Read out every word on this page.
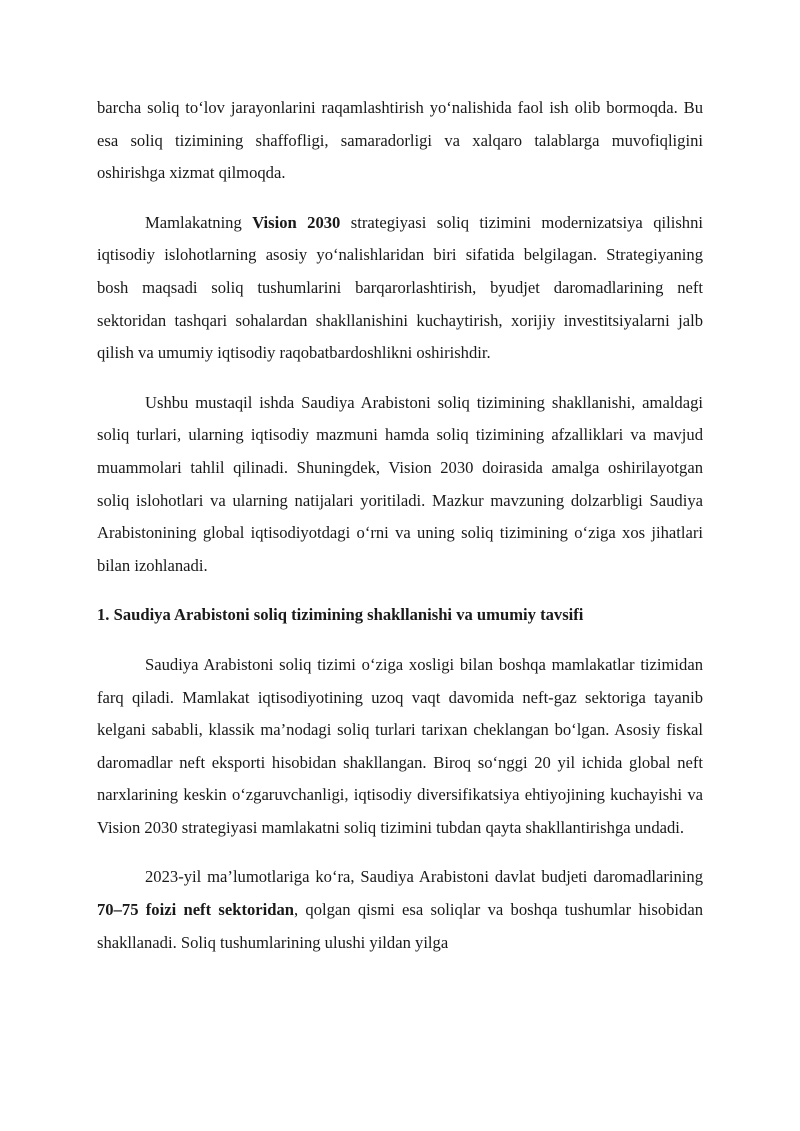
barcha soliq to‘lov jarayonlarini raqamlashtirish yo‘nalishida faol ish olib bormoqda. Bu esa soliq tizimining shaffofligi, samaradorligi va xalqaro talablarga muvofiqligini oshirishga xizmat qilmoqda.

Mamlakatning Vision 2030 strategiyasi soliq tizimini modernizatsiya qilishni iqtisodiy islohotlarning asosiy yo‘nalishlaridan biri sifatida belgilagan. Strategiyaning bosh maqsadi soliq tushumlarini barqarorlashtirish, byudjet daromadlarining neft sektoridan tashqari sohalardan shakllanishini kuchaytirish, xorijiy investitsiyalarni jalb qilish va umumiy iqtisodiy raqobatbardoshlikni oshirishdir.

Ushbu mustaqil ishda Saudiya Arabistoni soliq tizimining shakllanishi, amaldagi soliq turlari, ularning iqtisodiy mazmuni hamda soliq tizimining afzalliklari va mavjud muammolari tahlil qilinadi. Shuningdek, Vision 2030 doirasida amalga oshirilayotgan soliq islohotlari va ularning natijalari yoritiladi. Mazkur mavzuning dolzarbligi Saudiya Arabistonining global iqtisodiyotdagi o‘rni va uning soliq tizimining o‘ziga xos jihatlari bilan izohlanadi.

1. Saudiya Arabistoni soliq tizimining shakllanishi va umumiy tavsifi

Saudiya Arabistoni soliq tizimi o‘ziga xosligi bilan boshqa mamlakatlar tizimidan farq qiladi. Mamlakat iqtisodiyotining uzoq vaqt davomida neft-gaz sektoriga tayanib kelgani sababli, klassik ma’nodagi soliq turlari tarixan cheklangan bo‘lgan. Asosiy fiskal daromadlar neft eksporti hisobidan shakllangan. Biroq so‘nggi 20 yil ichida global neft narxlarining keskin o‘zgaruvchanligi, iqtisodiy diversifikatsiya ehtiyojining kuchayishi va Vision 2030 strategiyasi mamlakatni soliq tizimini tubdan qayta shakllantirishga undadi.

2023-yil ma’lumotlariga ko‘ra, Saudiya Arabistoni davlat budjeti daromadlarining 70–75 foizi neft sektoridan, qolgan qismi esa soliqlar va boshqa tushumlar hisobidan shakllanadi. Soliq tushumlarining ulushi yildan yilga
